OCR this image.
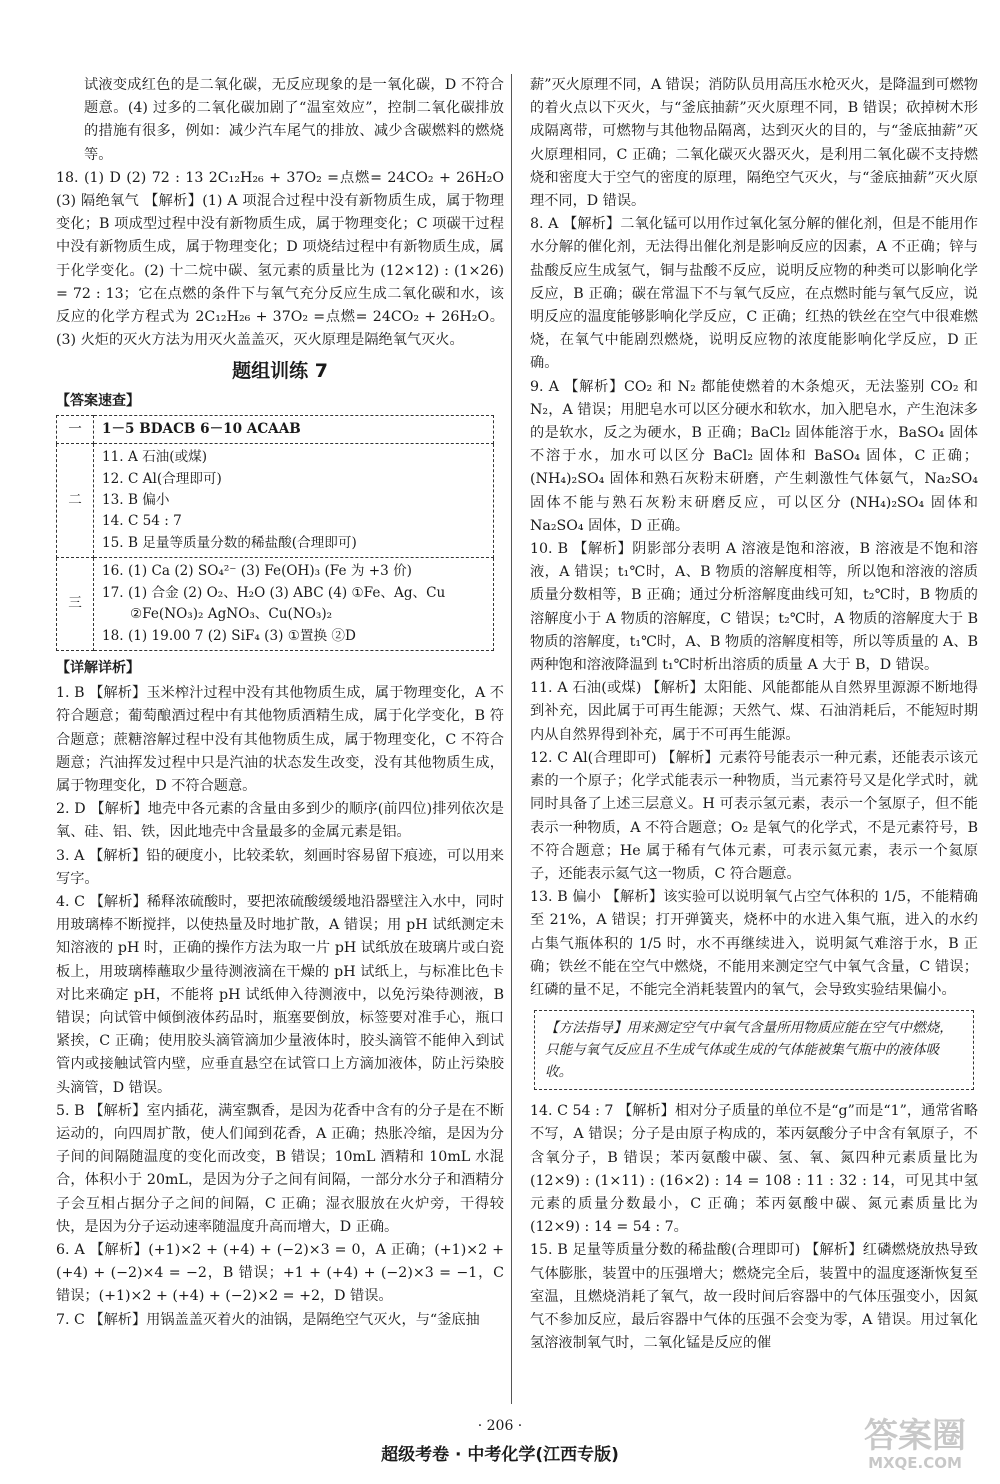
试液变成红色的是二氧化碳，无反应现象的是一氧化碳，D 不符合题意。(4) 过多的二氧化碳加剧了“温室效应”，控制二氧化碳排放的措施有很多，例如：减少汽车尾气的排放、减少含碳燃料的燃烧等。

18. (1) D (2) 72 : 13 2C₁₂H₂₆ + 37O₂ =点燃= 24CO₂ + 26H₂O (3) 隔绝氧气 【解析】(1) A 项混合过程中没有新物质生成，属于物理变化；B 项成型过程中没有新物质生成，属于物理变化；C 项碳干过程中没有新物质生成，属于物理变化；D 项烧结过程中有新物质生成，属于化学变化。(2) 十二烷中碳、氢元素的质量比为 (12×12) : (1×26) = 72 : 13；它在点燃的条件下与氧气充分反应生成二氧化碳和水，该反应的化学方程式为 2C₁₂H₂₆ + 37O₂ =点燃= 24CO₂ + 26H₂O。(3) 火炬的灭火方法为用灭火盖盖灭，灭火原理是隔绝氧气灭火。

题组训练 7
【答案速查】
一	1－5 BDACB 6－10 ACAAB
二	11. A 石油(或煤)
12. C Al(合理即可)
13. B 偏小
14. C 54 : 7
15. B 足量等质量分数的稀盐酸(合理即可)

三	16. (1) Ca (2) SO₄²⁻ (3) Fe(OH)₃ (Fe 为 +3 价)
17. (1) 合金 (2) O₂、H₂O (3) ABC (4) ①Fe、Ag、Cu
②Fe(NO₃)₂ AgNO₃、Cu(NO₃)₂
18. (1) 19.00 7 (2) SiF₄ (3) ①置换 ②D
【详解详析】

1. B 【解析】玉米榨汁过程中没有其他物质生成，属于物理变化，A 不符合题意；葡萄酿酒过程中有其他物质酒精生成，属于化学变化，B 符合题意；蔗糖溶解过程中没有其他物质生成，属于物理变化，C 不符合题意；汽油挥发过程中只是汽油的状态发生改变，没有其他物质生成，属于物理变化，D 不符合题意。

2. D 【解析】地壳中各元素的含量由多到少的顺序(前四位)排列依次是氧、硅、铝、铁，因此地壳中含量最多的金属元素是铝。

3. A 【解析】铅的硬度小，比较柔软，刻画时容易留下痕迹，可以用来写字。

4. C 【解析】稀释浓硫酸时，要把浓硫酸缓缓地沿器壁注入水中，同时用玻璃棒不断搅拌，以使热量及时地扩散，A 错误；用 pH 试纸测定未知溶液的 pH 时，正确的操作方法为取一片 pH 试纸放在玻璃片或白瓷板上，用玻璃棒蘸取少量待测液滴在干燥的 pH 试纸上，与标准比色卡对比来确定 pH，不能将 pH 试纸伸入待测液中，以免污染待测液，B 错误；向试管中倾倒液体药品时，瓶塞要倒放，标签要对准手心，瓶口紧挨，C 正确；使用胶头滴管滴加少量液体时，胶头滴管不能伸入到试管内或接触试管内壁，应垂直悬空在试管口上方滴加液体，防止污染胶头滴管，D 错误。

5. B 【解析】室内插花，满室飘香，是因为花香中含有的分子是在不断运动的，向四周扩散，使人们闻到花香，A 正确；热胀冷缩，是因为分子间的间隔随温度的变化而改变，B 错误；10mL 酒精和 10mL 水混合，体积小于 20mL，是因为分子之间有间隔，一部分水分子和酒精分子会互相占据分子之间的间隔，C 正确；湿衣服放在火炉旁，干得较快，是因为分子运动速率随温度升高而增大，D 正确。

6. A 【解析】(+1)×2 + (+4) + (−2)×3 = 0，A 正确；(+1)×2 + (+4) + (−2)×4 = −2，B 错误；+1 + (+4) + (−2)×3 = −1，C 错误；(+1)×2 + (+4) + (−2)×2 = +2，D 错误。

7. C 【解析】用锅盖盖灭着火的油锅，是隔绝空气灭火，与“釜底抽

薪”灭火原理不同，A 错误；消防队员用高压水枪灭火，是降温到可燃物的着火点以下灭火，与“釜底抽薪”灭火原理不同，B 错误；砍掉树木形成隔离带，可燃物与其他物品隔离，达到灭火的目的，与“釜底抽薪”灭火原理相同，C 正确；二氧化碳灭火器灭火，是利用二氧化碳不支持燃烧和密度大于空气的密度的原理，隔绝空气灭火，与“釜底抽薪”灭火原理不同，D 错误。

8. A 【解析】二氧化锰可以用作过氧化氢分解的催化剂，但是不能用作水分解的催化剂，无法得出催化剂是影响反应的因素，A 不正确；锌与盐酸反应生成氢气，铜与盐酸不反应，说明反应物的种类可以影响化学反应，B 正确；碳在常温下不与氧气反应，在点燃时能与氧气反应，说明反应的温度能够影响化学反应，C 正确；红热的铁丝在空气中很难燃烧，在氧气中能剧烈燃烧，说明反应物的浓度能影响化学反应，D 正确。

9. A 【解析】CO₂ 和 N₂ 都能使燃着的木条熄灭，无法鉴别 CO₂ 和 N₂，A 错误；用肥皂水可以区分硬水和软水，加入肥皂水，产生泡沫多的是软水，反之为硬水，B 正确；BaCl₂ 固体能溶于水，BaSO₄ 固体不溶于水，加水可以区分 BaCl₂ 固体和 BaSO₄ 固体，C 正确；(NH₄)₂SO₄ 固体和熟石灰粉末研磨，产生刺激性气体氨气，Na₂SO₄ 固体不能与熟石灰粉末研磨反应，可以区分 (NH₄)₂SO₄ 固体和 Na₂SO₄ 固体，D 正确。

10. B 【解析】阴影部分表明 A 溶液是饱和溶液，B 溶液是不饱和溶液，A 错误；t₁℃时，A、B 物质的溶解度相等，所以饱和溶液的溶质质量分数相等，B 正确；通过分析溶解度曲线可知，t₂℃时，B 物质的溶解度小于 A 物质的溶解度，C 错误；t₂℃时，A 物质的溶解度大于 B 物质的溶解度，t₁℃时，A、B 物质的溶解度相等，所以等质量的 A、B 两种饱和溶液降温到 t₁℃时析出溶质的质量 A 大于 B，D 错误。

11. A 石油(或煤) 【解析】太阳能、风能都能从自然界里源源不断地得到补充，因此属于可再生能源；天然气、煤、石油消耗后，不能短时期内从自然界得到补充，属于不可再生能源。

12. C Al(合理即可) 【解析】元素符号能表示一种元素，还能表示该元素的一个原子；化学式能表示一种物质，当元素符号又是化学式时，就同时具备了上述三层意义。H 可表示氢元素，表示一个氢原子，但不能表示一种物质，A 不符合题意；O₂ 是氧气的化学式，不是元素符号，B 不符合题意；He 属于稀有气体元素，可表示氦元素，表示一个氦原子，还能表示氦气这一物质，C 符合题意。

13. B 偏小 【解析】该实验可以说明氧气占空气体积的 1/5，不能精确至 21%，A 错误；打开弹簧夹，烧杯中的水进入集气瓶，进入的水约占集气瓶体积的 1/5 时，水不再继续进入，说明氮气难溶于水，B 正确；铁丝不能在空气中燃烧，不能用来测定空气中氧气含量，C 错误；红磷的量不足，不能完全消耗装置内的氧气，会导致实验结果偏小。

【方法指导】用来测定空气中氧气含量所用物质应能在空气中燃烧，只能与氧气反应且不生成气体或生成的气体能被集气瓶中的液体吸收。

14. C 54 : 7 【解析】相对分子质量的单位不是“g”而是“1”，通常省略不写，A 错误；分子是由原子构成的，苯丙氨酸分子中含有氧原子，不含氧分子，B 错误；苯丙氨酸中碳、氢、氧、氮四种元素质量比为 (12×9) : (1×11) : (16×2) : 14 = 108 : 11 : 32 : 14，可见其中氢元素的质量分数最小，C 正确；苯丙氨酸中碳、氮元素质量比为 (12×9) : 14 = 54 : 7。

15. B 足量等质量分数的稀盐酸(合理即可) 【解析】红磷燃烧放热导致气体膨胀，装置中的压强增大；燃烧完全后，装置中的温度逐渐恢复至室温，且燃烧消耗了氧气，故一段时间后容器中的气体压强变小，因氮气不参加反应，最后容器中气体的压强不会变为零，A 错误。用过氧化氢溶液制氧气时，二氧化锰是反应的催

· 206 ·
超级考卷 · 中考化学(江西专版)	答案圈
MXQE.COM
